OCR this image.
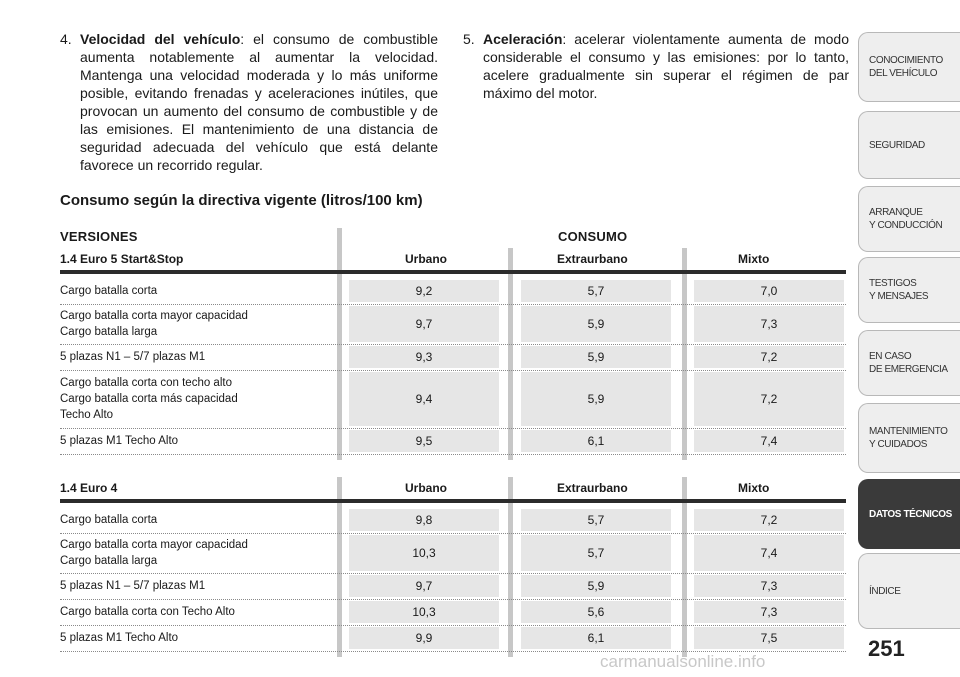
4. Velocidad del vehículo: el consumo de combustible aumenta notablemente al aumentar la velocidad. Mantenga una velocidad moderada y lo más uniforme posible, evitando frenadas y aceleraciones inútiles, que provocan un aumento del consumo de combustible y de las emisiones. El mantenimiento de una distancia de seguridad adecuada del vehículo que está delante favorece un recorrido regular.
5. Aceleración: acelerar violentamente aumenta de modo considerable el consumo y las emisiones: por lo tanto, acelere gradualmente sin superar el régimen de par máximo del motor.
Consumo según la directiva vigente (litros/100 km)
VERSIONES	CONSUMO
1.4 Euro 5 Start&Stop	Urbano	Extraurbano	Mixto
Cargo batalla corta	9,2	5,7	7,0
Cargo batalla corta mayor capacidad
Cargo batalla larga
9,7	5,9	7,3
5 plazas N1 – 5/7 plazas M1	9,3	5,9	7,2
Cargo batalla corta con techo alto
Cargo batalla corta más capacidad
Techo Alto
9,4	5,9	7,2
5 plazas M1 Techo Alto	9,5	6,1	7,4
1.4 Euro 4	Urbano	Extraurbano	Mixto
Cargo batalla corta	9,8	5,7	7,2
Cargo batalla corta mayor capacidad
Cargo batalla larga
10,3	5,7	7,4
5 plazas N1 – 5/7 plazas M1	9,7	5,9	7,3
Cargo batalla corta con Techo Alto	10,3	5,6	7,3
5 plazas M1 Techo Alto	9,9	6,1	7,5
CONOCIMIENTO
DEL VEHÍCULO
SEGURIDAD
ARRANQUE
Y CONDUCCIÓN
TESTIGOS
Y MENSAJES
EN CASO
DE EMERGENCIA
MANTENIMIENTO
Y CUIDADOS
DATOS TÉCNICOS
ÍNDICE
251
carmanualsonline.info
